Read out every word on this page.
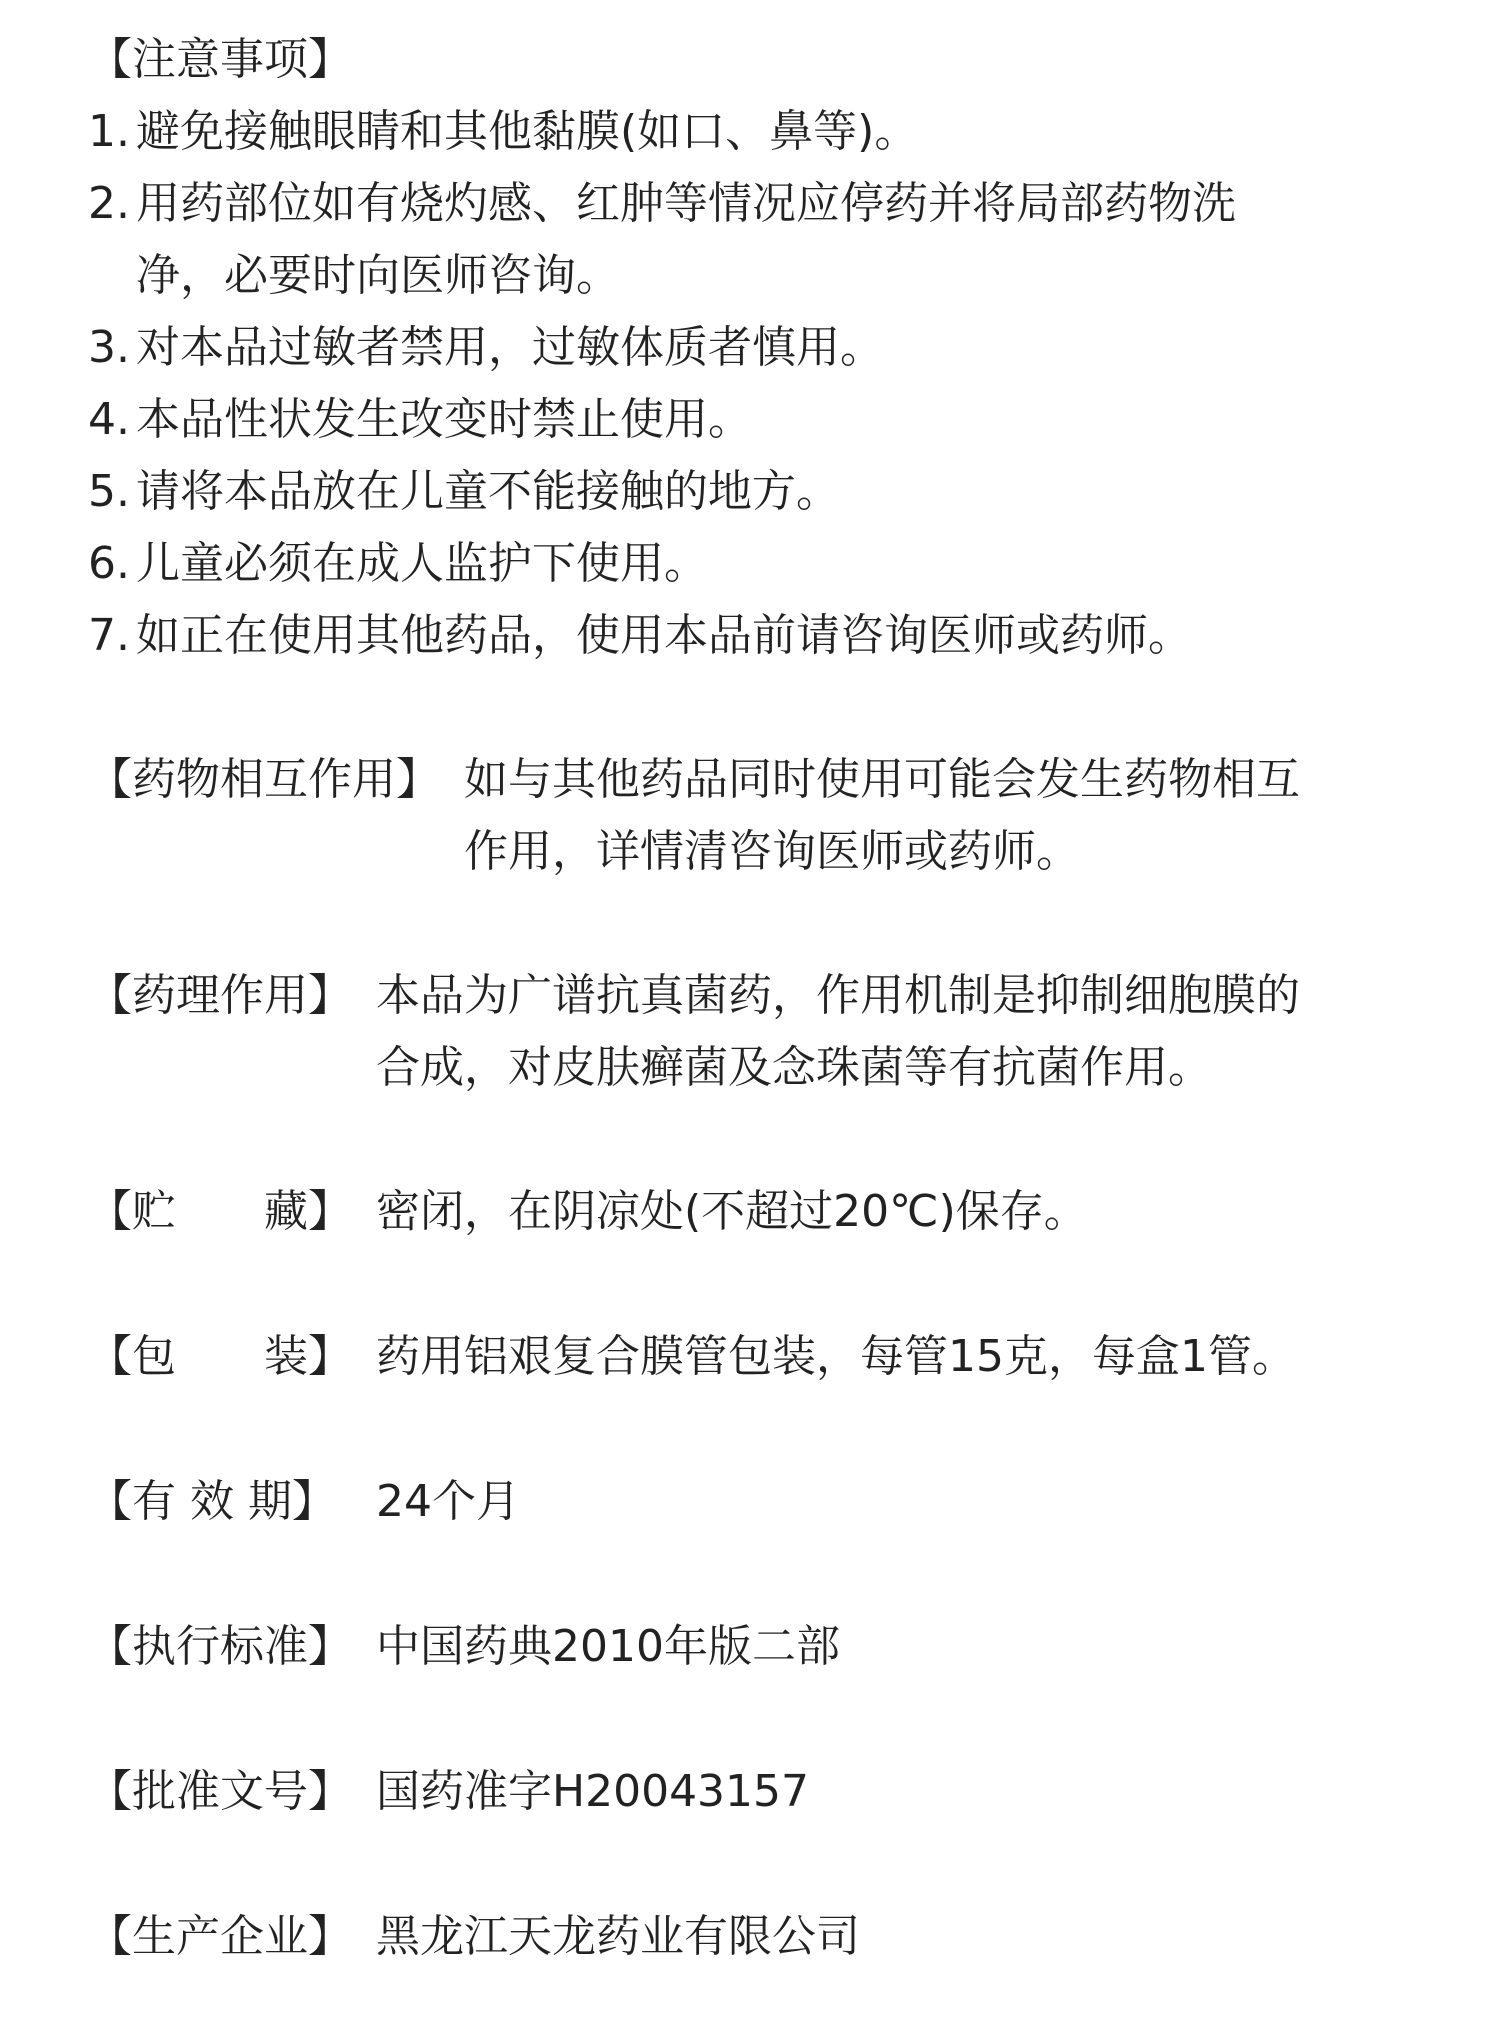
【注意事项】
1. 避免接触眼睛和其他黏膜(如口、鼻等)。
2. 用药部位如有烧灼感、红肿等情况应停药并将局部药物洗
净，必要时向医师咨询。
3. 对本品过敏者禁用，过敏体质者慎用。
4. 本品性状发生改变时禁止使用。
5. 请将本品放在儿童不能接触的地方。
6. 儿童必须在成人监护下使用。
7. 如正在使用其他药品，使用本品前请咨询医师或药师。
【药物相互作用】 如与其他药品同时使用可能会发生药物相互
作用，详情清咨询医师或药师。
【药理作用】 本品为广谱抗真菌药，作用机制是抑制细胞膜的
合成，对皮肤癣菌及念珠菌等有抗菌作用。
【贮　　藏】 密闭，在阴凉处(不超过20℃)保存。
【包　　装】 药用铝艰复合膜管包装，每管15克，每盒1管。
【有 效 期】 24个月
【执行标准】 中国药典2010年版二部
【批准文号】 国药准字H20043157
【生产企业】 黑龙江天龙药业有限公司
